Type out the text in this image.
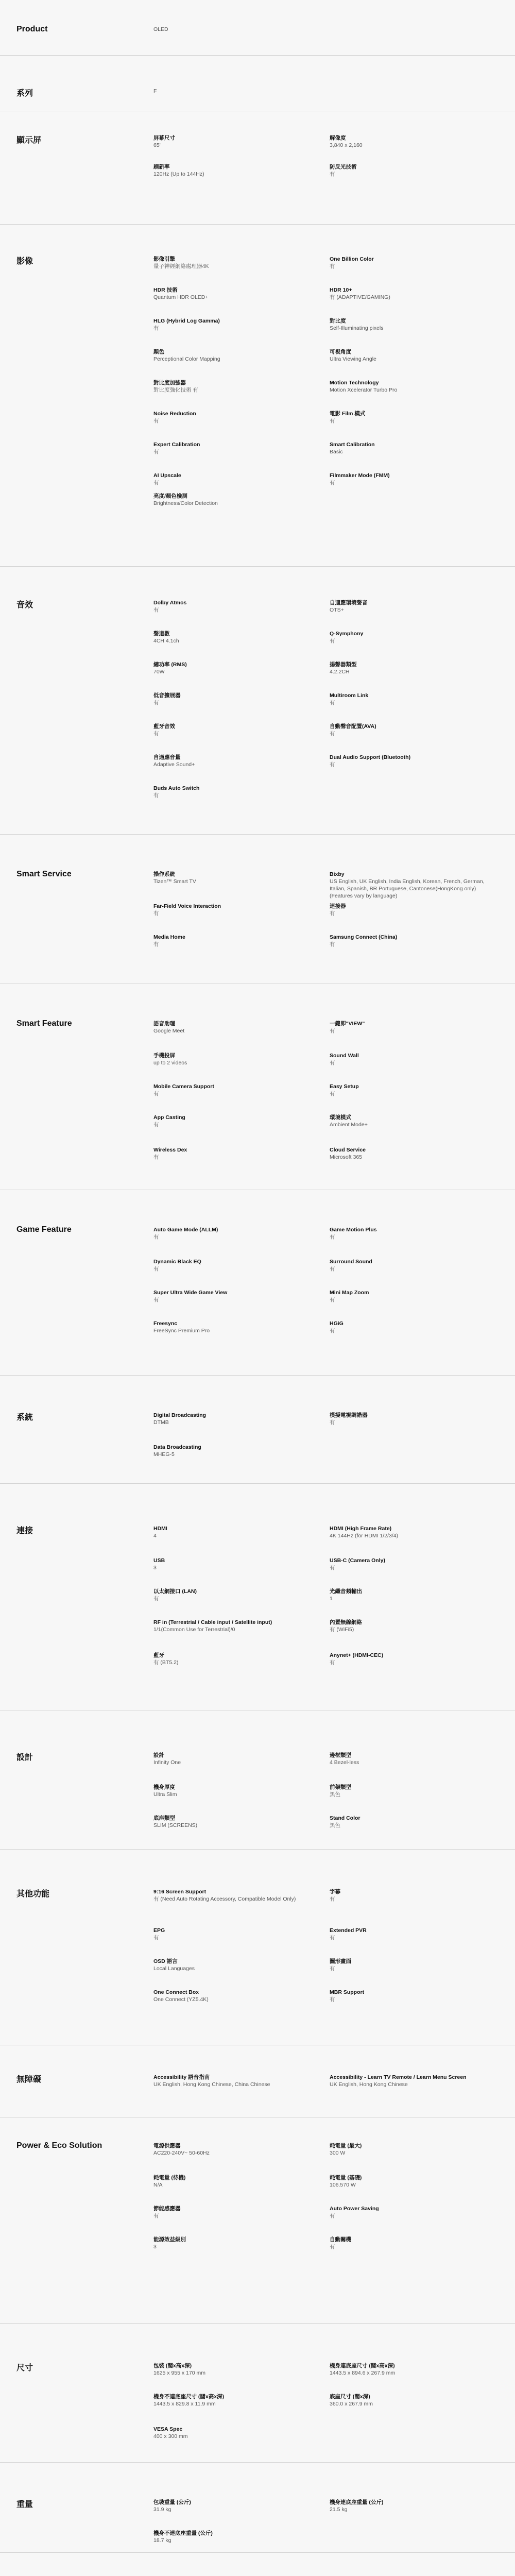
Product	OLED
系列	F
顯示屏	屏幕尺寸
65"
解像度
3,840 x 2,160
刷新率
120Hz (Up to 144Hz)
防反光技術
有
影像	影像引擎
量子神經網絡處理器4K
One Billion Color
有
HDR 技術
Quantum HDR OLED+
HDR 10+
有 (ADAPTIVE/GAMING)
HLG (Hybrid Log Gamma)
有
對比度
Self-Illuminating pixels
顏色
Perceptional Color Mapping
可視角度
Ultra Viewing Angle
對比度加強器
對比度強化技術 有
Motion Technology
Motion Xcelerator Turbo Pro
Noise Reduction
有
電影 Film 模式
有
Expert Calibration
有
Smart Calibration
Basic
AI Upscale
有
Filmmaker Mode (FMM)
有
亮度/顏色檢測
Brightness/Color Detection
音效	Dolby Atmos
有
自適應環境聲音
OTS+
聲道數
4CH 4.1ch
Q-Symphony
有
總功率 (RMS)
70W
揚聲器類型
4.2.2CH
低音擴展器
有
Multiroom Link
有
藍牙音效
有
自動聲音配置(AVA)
有
自適應音量
Adaptive Sound+
Dual Audio Support (Bluetooth)
有
Buds Auto Switch
有
Smart Service	操作系統
Tizen™ Smart TV
Bixby
US English, UK English, India English, Korean, French, German, Italian, Spanish, BR Portuguese, Cantonese(HongKong only) (Features vary by language)
Far-Field Voice Interaction
有
連接器
有
Media Home
有
Samsung Connect (China)
有
Smart Feature	語音助理
Google Meet
一鍵即"VIEW"
有
手機投屏
up to 2 videos
Sound Wall
有
Mobile Camera Support
有
Easy Setup
有
App Casting
有
環境模式
Ambient Mode+
Wireless Dex
有
Cloud Service
Microsoft 365
Game Feature	Auto Game Mode (ALLM)
有
Game Motion Plus
有
Dynamic Black EQ
有
Surround Sound
有
Super Ultra Wide Game View
有
Mini Map Zoom
有
Freesync
FreeSync Premium Pro
HGiG
有
系統	Digital Broadcasting
DTMB
模擬電視調諧器
有
Data Broadcasting
MHEG-5
連接	HDMI
4
HDMI (High Frame Rate)
4K 144Hz (for HDMI 1/2/3/4)
USB
3
USB-C (Camera Only)
有
以太網接口 (LAN)
有
光纖音頻輸出
1
RF in (Terrestrial / Cable input / Satellite input)
1/1(Common Use for Terrestrial)/0
內置無線網絡
有 (WiFi5)
藍牙
有 (BT5.2)
Anynet+ (HDMI-CEC)
有
設計	設計
Infinity One
邊框類型
4 Bezel-less
機身厚度
Ultra Slim
前架類型
黑色
底座類型
SLIM (SCREENS)
Stand Color
黑色
其他功能	9:16 Screen Support
有 (Need Auto Rotating Accessory, Compatible Model Only)
字幕
有
EPG
有
Extended PVR
有
OSD 語言
Local Languages
圖形畫面
有
One Connect Box
One Connect (YZ5.4K)
MBR Support
有
無障礙	Accessibility 語音指南
UK English, Hong Kong Chinese, China Chinese
Accessibility - Learn TV Remote / Learn Menu Screen
UK English, Hong Kong Chinese
Power & Eco Solution	電源供應器
AC220-240V~ 50-60Hz
耗電量 (最大)
300 W
耗電量 (待機)
N/A
耗電量 (基礎)
106.570 W
節能感應器
有
Auto Power Saving
有
能源效益級別
3
自動關機
有
尺寸	包裝 (闊x高x深)
1625 x 955 x 170 mm
機身連底座尺寸 (闊x高x深)
1443.5 x 894.6 x 267.9 mm
機身不連底座尺寸 (闊x高x深)
1443.5 x 829.8 x 11.9 mm
底座尺寸 (闊x深)
360.0 x 267.9 mm
VESA Spec
400 x 300 mm
重量	包裝重量 (公斤)
31.9 kg
機身連底座重量 (公斤)
21.5 kg
機身不連底座重量 (公斤)
18.7 kg
